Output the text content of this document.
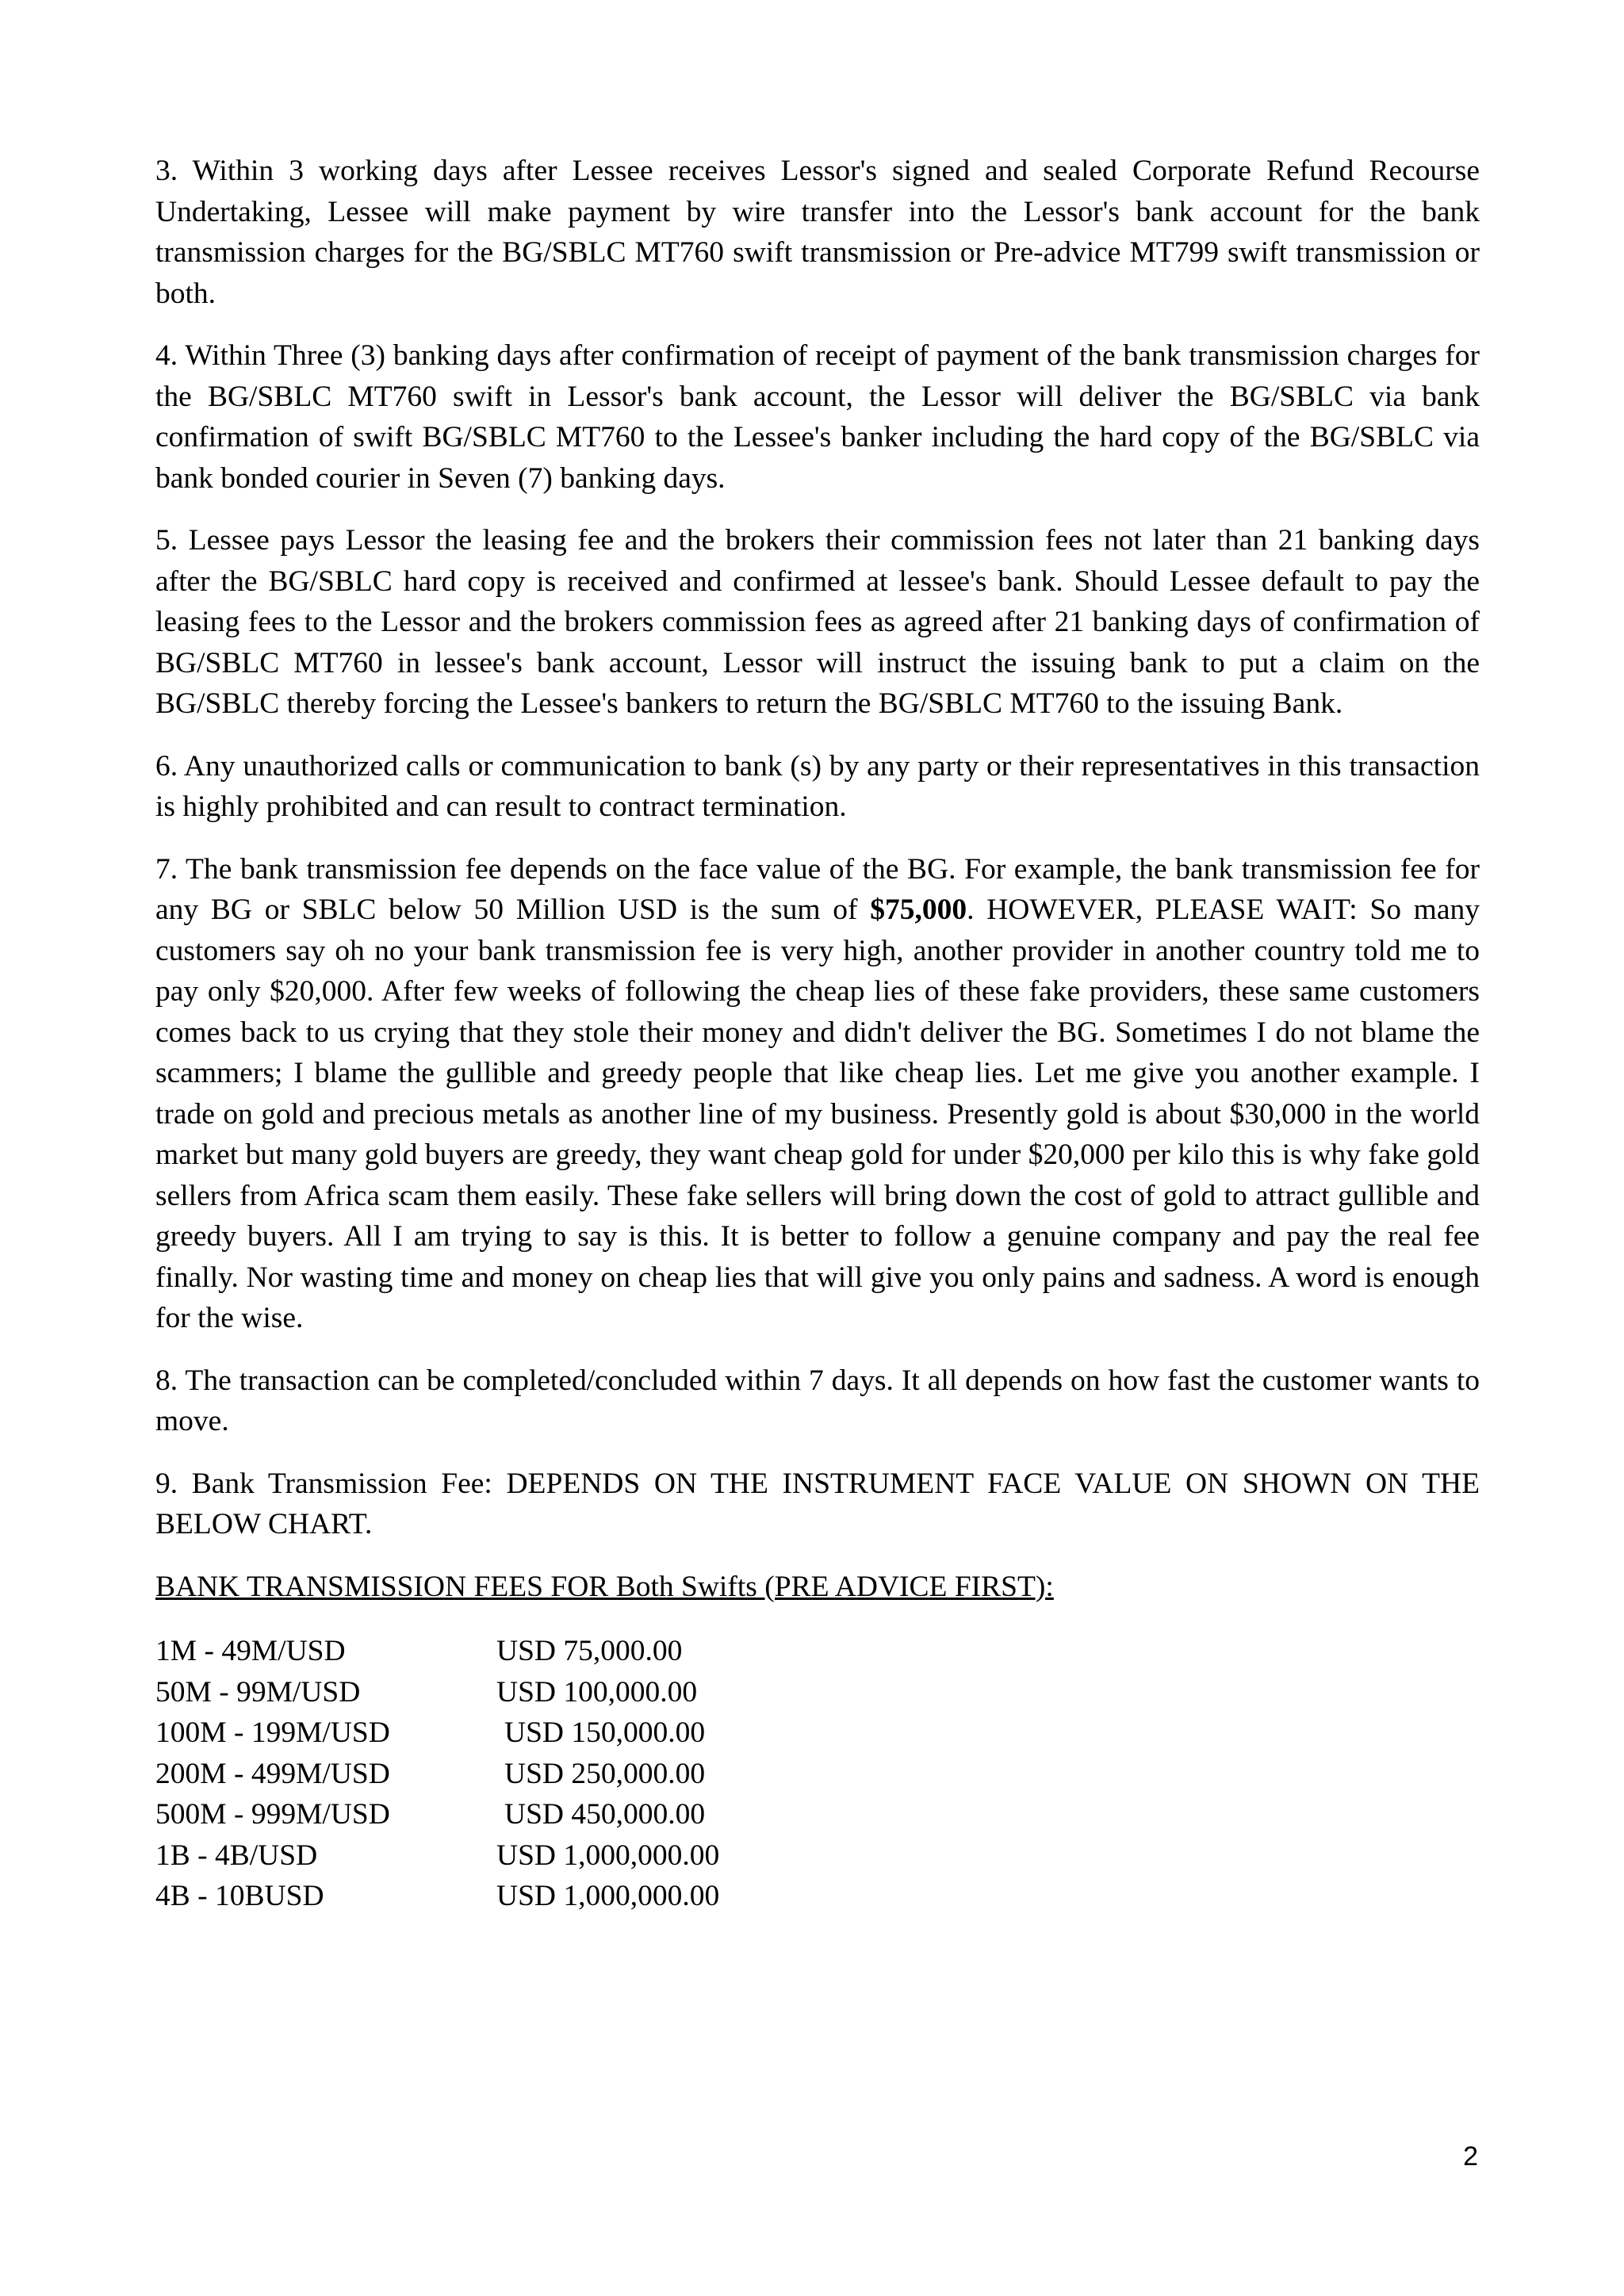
3. Within 3 working days after Lessee receives Lessor's signed and sealed Corporate Refund Recourse Undertaking, Lessee will make payment by wire transfer into the Lessor's bank account for the bank transmission charges for the BG/SBLC MT760 swift transmission or Pre-advice MT799 swift transmission or both.

4. Within Three (3) banking days after confirmation of receipt of payment of the bank transmission charges for the BG/SBLC MT760 swift in Lessor's bank account, the Lessor will deliver the BG/SBLC via bank confirmation of swift BG/SBLC MT760 to the Lessee's banker including the hard copy of the BG/SBLC via bank bonded courier in Seven (7) banking days.

5. Lessee pays Lessor the leasing fee and the brokers their commission fees not later than 21 banking days after the BG/SBLC hard copy is received and confirmed at lessee's bank. Should Lessee default to pay the leasing fees to the Lessor and the brokers commission fees as agreed after 21 banking days of confirmation of BG/SBLC MT760 in lessee's bank account, Lessor will instruct the issuing bank to put a claim on the BG/SBLC thereby forcing the Lessee's bankers to return the BG/SBLC MT760 to the issuing Bank.

6. Any unauthorized calls or communication to bank (s) by any party or their representatives in this transaction is highly prohibited and can result to contract termination.

7. The bank transmission fee depends on the face value of the BG. For example, the bank transmission fee for any BG or SBLC below 50 Million USD is the sum of $75,000. HOWEVER, PLEASE WAIT: So many customers say oh no your bank transmission fee is very high, another provider in another country told me to pay only $20,000. After few weeks of following the cheap lies of these fake providers, these same customers comes back to us crying that they stole their money and didn't deliver the BG. Sometimes I do not blame the scammers; I blame the gullible and greedy people that like cheap lies. Let me give you another example. I trade on gold and precious metals as another line of my business. Presently gold is about $30,000 in the world market but many gold buyers are greedy, they want cheap gold for under $20,000 per kilo this is why fake gold sellers from Africa scam them easily. These fake sellers will bring down the cost of gold to attract gullible and greedy buyers. All I am trying to say is this. It is better to follow a genuine company and pay the real fee finally. Nor wasting time and money on cheap lies that will give you only pains and sadness. A word is enough for the wise.

8. The transaction can be completed/concluded within 7 days. It all depends on how fast the customer wants to move.

9. Bank Transmission Fee: DEPENDS ON THE INSTRUMENT FACE VALUE ON SHOWN ON THE BELOW CHART.

BANK TRANSMISSION FEES FOR Both Swifts (PRE ADVICE FIRST):

1M - 49M/USD	USD 75,000.00
50M - 99M/USD	USD 100,000.00
100M - 199M/USD	USD 150,000.00
200M - 499M/USD	USD 250,000.00
500M - 999M/USD	USD 450,000.00
1B - 4B/USD	USD 1,000,000.00
4B - 10BUSD	USD 1,000,000.00
2
